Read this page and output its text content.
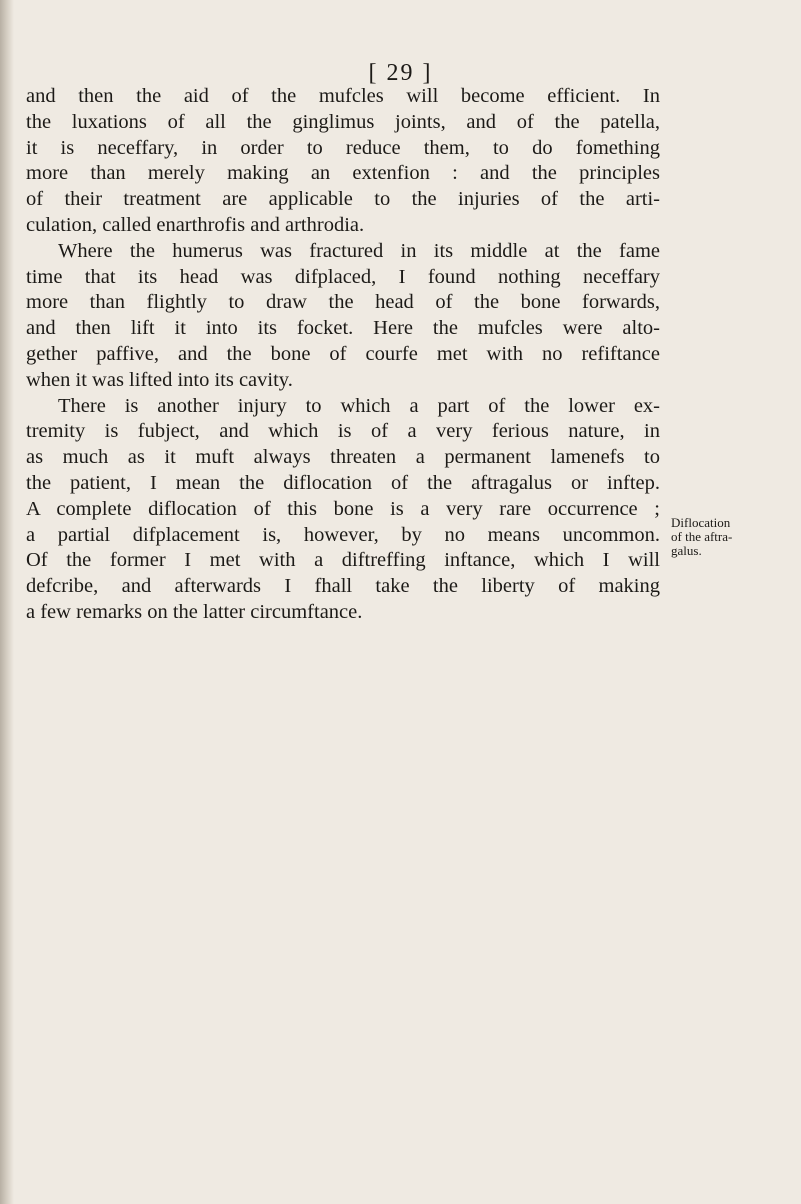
[ 29 ]

and then the aid of the mufcles will become efficient. In
the luxations of all the ginglimus joints, and of the patella,
it is neceffary, in order to reduce them, to do fomething
more than merely making an extenfion : and the principles
of their treatment are applicable to the injuries of the arti-
culation, called enarthrofis and arthrodia.

Where the humerus was fractured in its middle at the fame
time that its head was difplaced, I found nothing neceffary
more than flightly to draw the head of the bone forwards,
and then lift it into its focket. Here the mufcles were alto-
gether paffive, and the bone of courfe met with no refiftance
when it was lifted into its cavity.

There is another injury to which a part of the lower ex-
tremity is fubject, and which is of a very ferious nature, in
as much as it muft always threaten a permanent lamenefs to
the patient, I mean the diflocation of the aftragalus or inftep.
A complete diflocation of this bone is a very rare occurrence ;
a partial difplacement is, however, by no means uncommon.
Of the former I met with a diftreffing inftance, which I will
defcribe, and afterwards I fhall take the liberty of making
a few remarks on the latter circumftance.

Diflocation
of the aftra-
galus.
